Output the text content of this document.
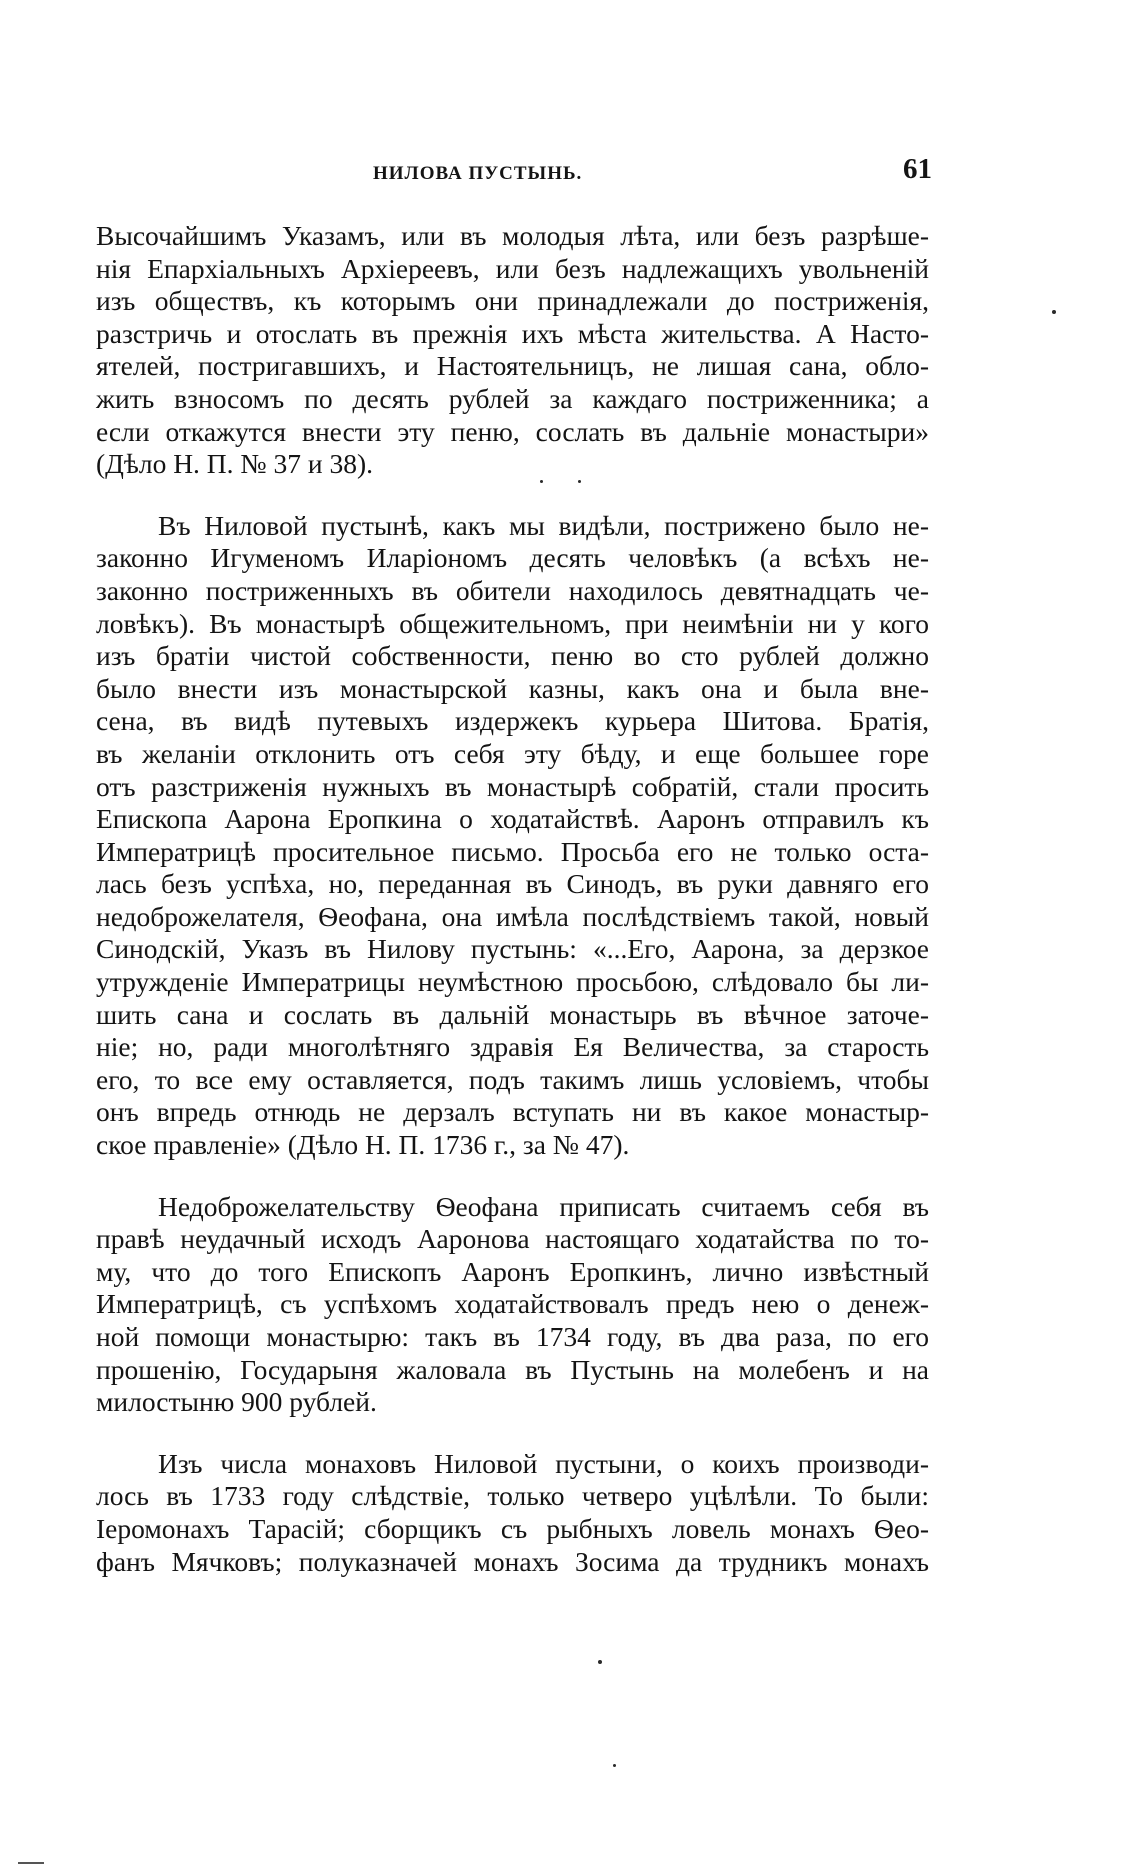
НИЛОВА ПУСТЫНЬ.	61

Высочайшимъ Указамъ, или въ молодыя лѣта, или безъ разрѣше-
нія Епархіальныхъ Архіереевъ, или безъ надлежащихъ увольненій
изъ обществъ, къ которымъ они принадлежали до постриженія,
разстричь и отослать въ прежнія ихъ мѣста жительства. А Насто-
ятелей, постригавшихъ, и Настоятельницъ, не лишая сана, обло-
жить взносомъ по десять рублей за каждаго постриженника; а
если откажутся внести эту пеню, сослать въ дальніе монастыри»
(Дѣло Н. П. № 37 и 38).

Въ Ниловой пустынѣ, какъ мы видѣли, пострижено было не-
законно Игуменомъ Иларіономъ десять человѣкъ (а всѣхъ не-
законно постриженныхъ въ обители находилось девятнадцать че-
ловѣкъ). Въ монастырѣ общежительномъ, при неимѣніи ни у кого
изъ братіи чистой собственности, пеню во сто рублей должно
было внести изъ монастырской казны, какъ она и была вне-
сена, въ видѣ путевыхъ издержекъ курьера Шитова. Братія,
въ желаніи отклонить отъ себя эту бѣду, и еще большее горе
отъ разстриженія нужныхъ въ монастырѣ собратій, стали просить
Епископа Аарона Еропкина о ходатайствѣ. Ааронъ отправилъ къ
Императрицѣ просительное письмо. Просьба его не только оста-
лась безъ успѣха, но, переданная въ Синодъ, въ руки давняго его
недоброжелателя, Ѳеофана, она имѣла послѣдствіемъ такой, новый
Синодскій, Указъ въ Нилову пустынь: «...Его, Аарона, за дерзкое
утружденіе Императрицы неумѣстною просьбою, слѣдовало бы ли-
шить сана и сослать въ дальній монастырь въ вѣчное заточе-
ніе; но, ради многолѣтняго здравія Ея Величества, за старость
его, то все ему оставляется, подъ такимъ лишь условіемъ, чтобы
онъ впредь отнюдь не дерзалъ вступать ни въ какое монастыр-
ское правленіе» (Дѣло Н. П. 1736 г., за № 47).

Недоброжелательству Ѳеофана приписать считаемъ себя въ
правѣ неудачный исходъ Ааронова настоящаго ходатайства по то-
му, что до того Епископъ Ааронъ Еропкинъ, лично извѣстный
Императрицѣ, съ успѣхомъ ходатайствовалъ предъ нею о денеж-
ной помощи монастырю: такъ въ 1734 году, въ два раза, по его
прошенію, Государыня жаловала въ Пустынь на молебенъ и на
милостыню 900 рублей.

Изъ числа монаховъ Ниловой пустыни, о коихъ производи-
лось въ 1733 году слѣдствіе, только четверо уцѣлѣли. То были:
Іеромонахъ Тарасій; сборщикъ съ рыбныхъ ловель монахъ Ѳео-
фанъ Мячковъ; полуказначей монахъ Зосима да трудникъ монахъ
